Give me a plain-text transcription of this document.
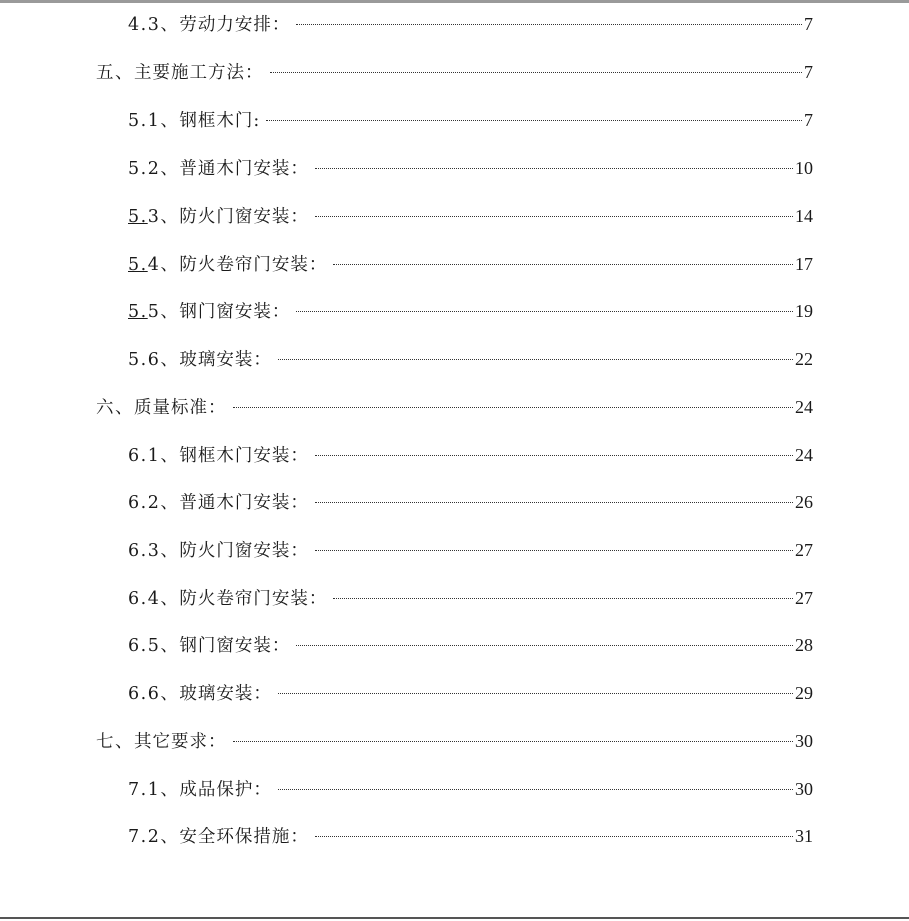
4.3、 劳动力安排：	7
五、 主要施工方法：	7
5.1、 钢框木门:	7
5.2、 普通木门安装：	10
5.3、 防火门窗安装：	14
5.4、 防火卷帘门安装：	17
5.5、 钢门窗安装：	19
5.6、 玻璃安装：	22
六、 质量标准：	24
6.1、 钢框木门安装：	24
6.2、 普通木门安装：	26
6.3、 防火门窗安装：	27
6.4、 防火卷帘门安装：	27
6.5、 钢门窗安装：	28
6.6、 玻璃安装：	29
七、 其它要求：	30
7.1、 成品保护：	30
7.2、 安全环保措施：	31
